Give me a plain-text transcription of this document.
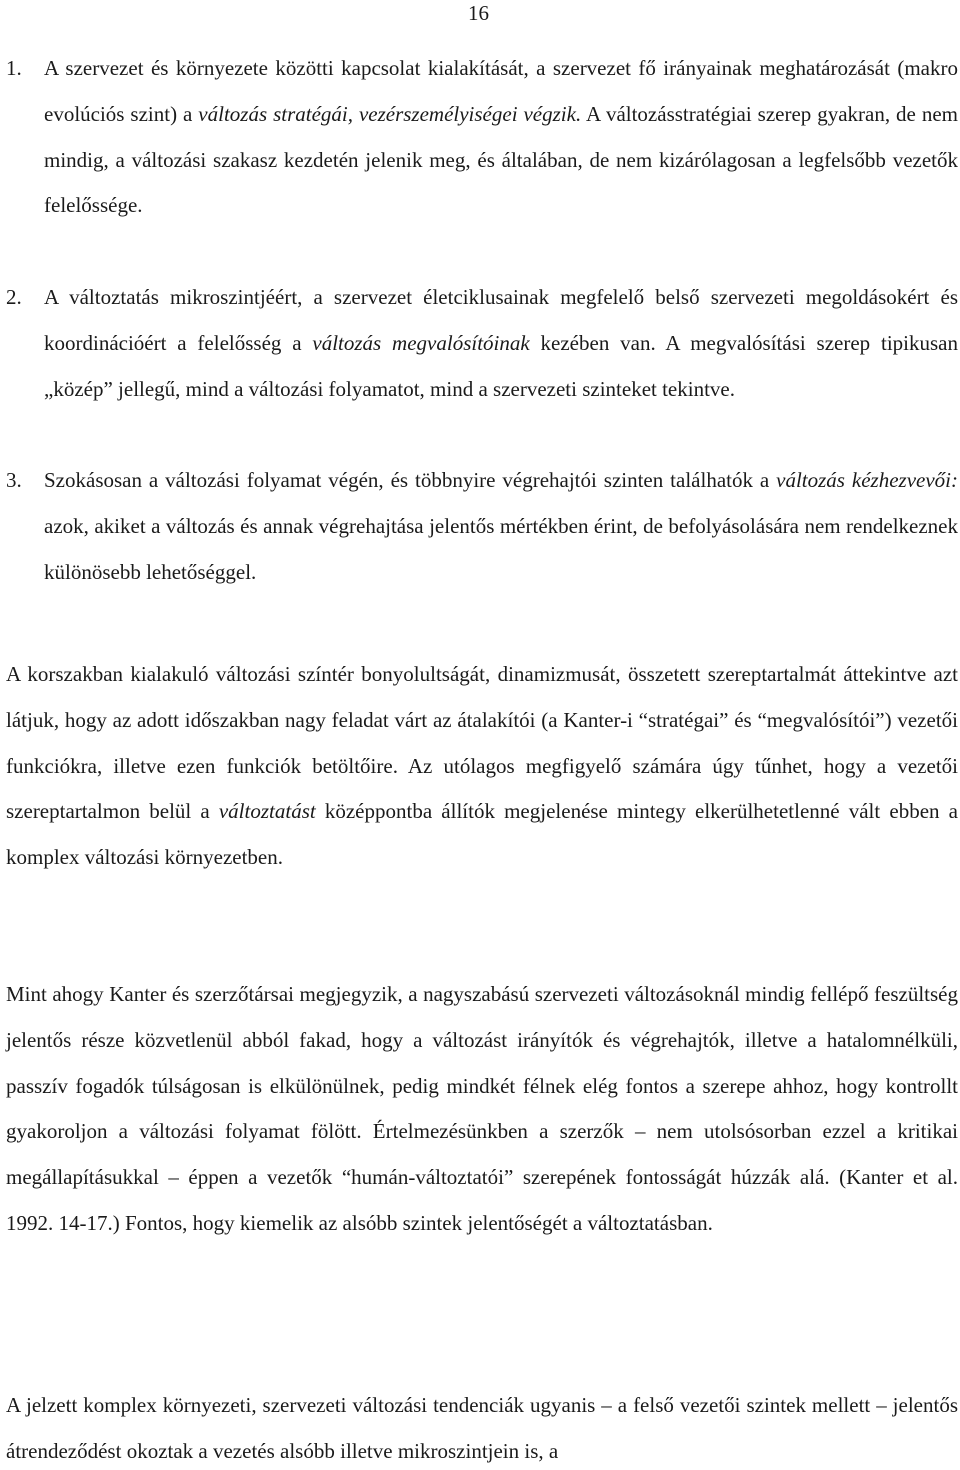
16
1. A szervezet és környezete közötti kapcsolat kialakítását, a szervezet fő irányainak meghatározását (makro evolúciós szint) a változás stratégái, vezérszemélyiségei végzik. A változásstratégiai szerep gyakran, de nem mindig, a változási szakasz kezdetén jelenik meg, és általában, de nem kizárólagosan a legfelsőbb vezetők felelőssége.
2. A változtatás mikroszintjéért, a szervezet életciklusainak megfelelő belső szervezeti megoldásokért és koordinációért a felelősség a változás megvalósítóinak kezében van. A megvalósítási szerep tipikusan „közép” jellegű, mind a változási folyamatot, mind a szervezeti szinteket tekintve.
3. Szokásosan a változási folyamat végén, és többnyire végrehajtói szinten találhatók a változás kézhezvevői: azok, akiket a változás és annak végrehajtása jelentős mértékben érint, de befolyásolására nem rendelkeznek különösebb lehetőséggel.

A korszakban kialakuló változási színtér bonyolultságát, dinamizmusát, összetett szereptartalmát áttekintve azt látjuk, hogy az adott időszakban nagy feladat várt az átalakítói (a Kanter-i “stratégai” és “megvalósítói”) vezetői funkciókra, illetve ezen funkciók betöltőire. Az utólagos megfigyelő számára úgy tűnhet, hogy a vezetői szereptartalmon belül a változtatást középpontba állítók megjelenése mintegy elkerülhetetlenné vált ebben a komplex változási környezetben.

Mint ahogy Kanter és szerzőtársai megjegyzik, a nagyszabású szervezeti változásoknál mindig fellépő feszültség jelentős része közvetlenül abból fakad, hogy a változást irányítók és végrehajtók, illetve a hatalomnélküli, passzív fogadók túlságosan is elkülönülnek, pedig mindkét félnek elég fontos a szerepe ahhoz, hogy kontrollt gyakoroljon a változási folyamat fölött. Értelmezésünkben a szerzők – nem utolsósorban ezzel a kritikai megállapításukkal – éppen a vezetők “humán-változtatói” szerepének fontosságát húzzák alá. (Kanter et al. 1992. 14-17.) Fontos, hogy kiemelik az alsóbb szintek jelentőségét a változtatásban.

A jelzett komplex környezeti, szervezeti változási tendenciák ugyanis – a felső vezetői szintek mellett – jelentős átrendeződést okoztak a vezetés alsóbb illetve mikroszintjein is, a
